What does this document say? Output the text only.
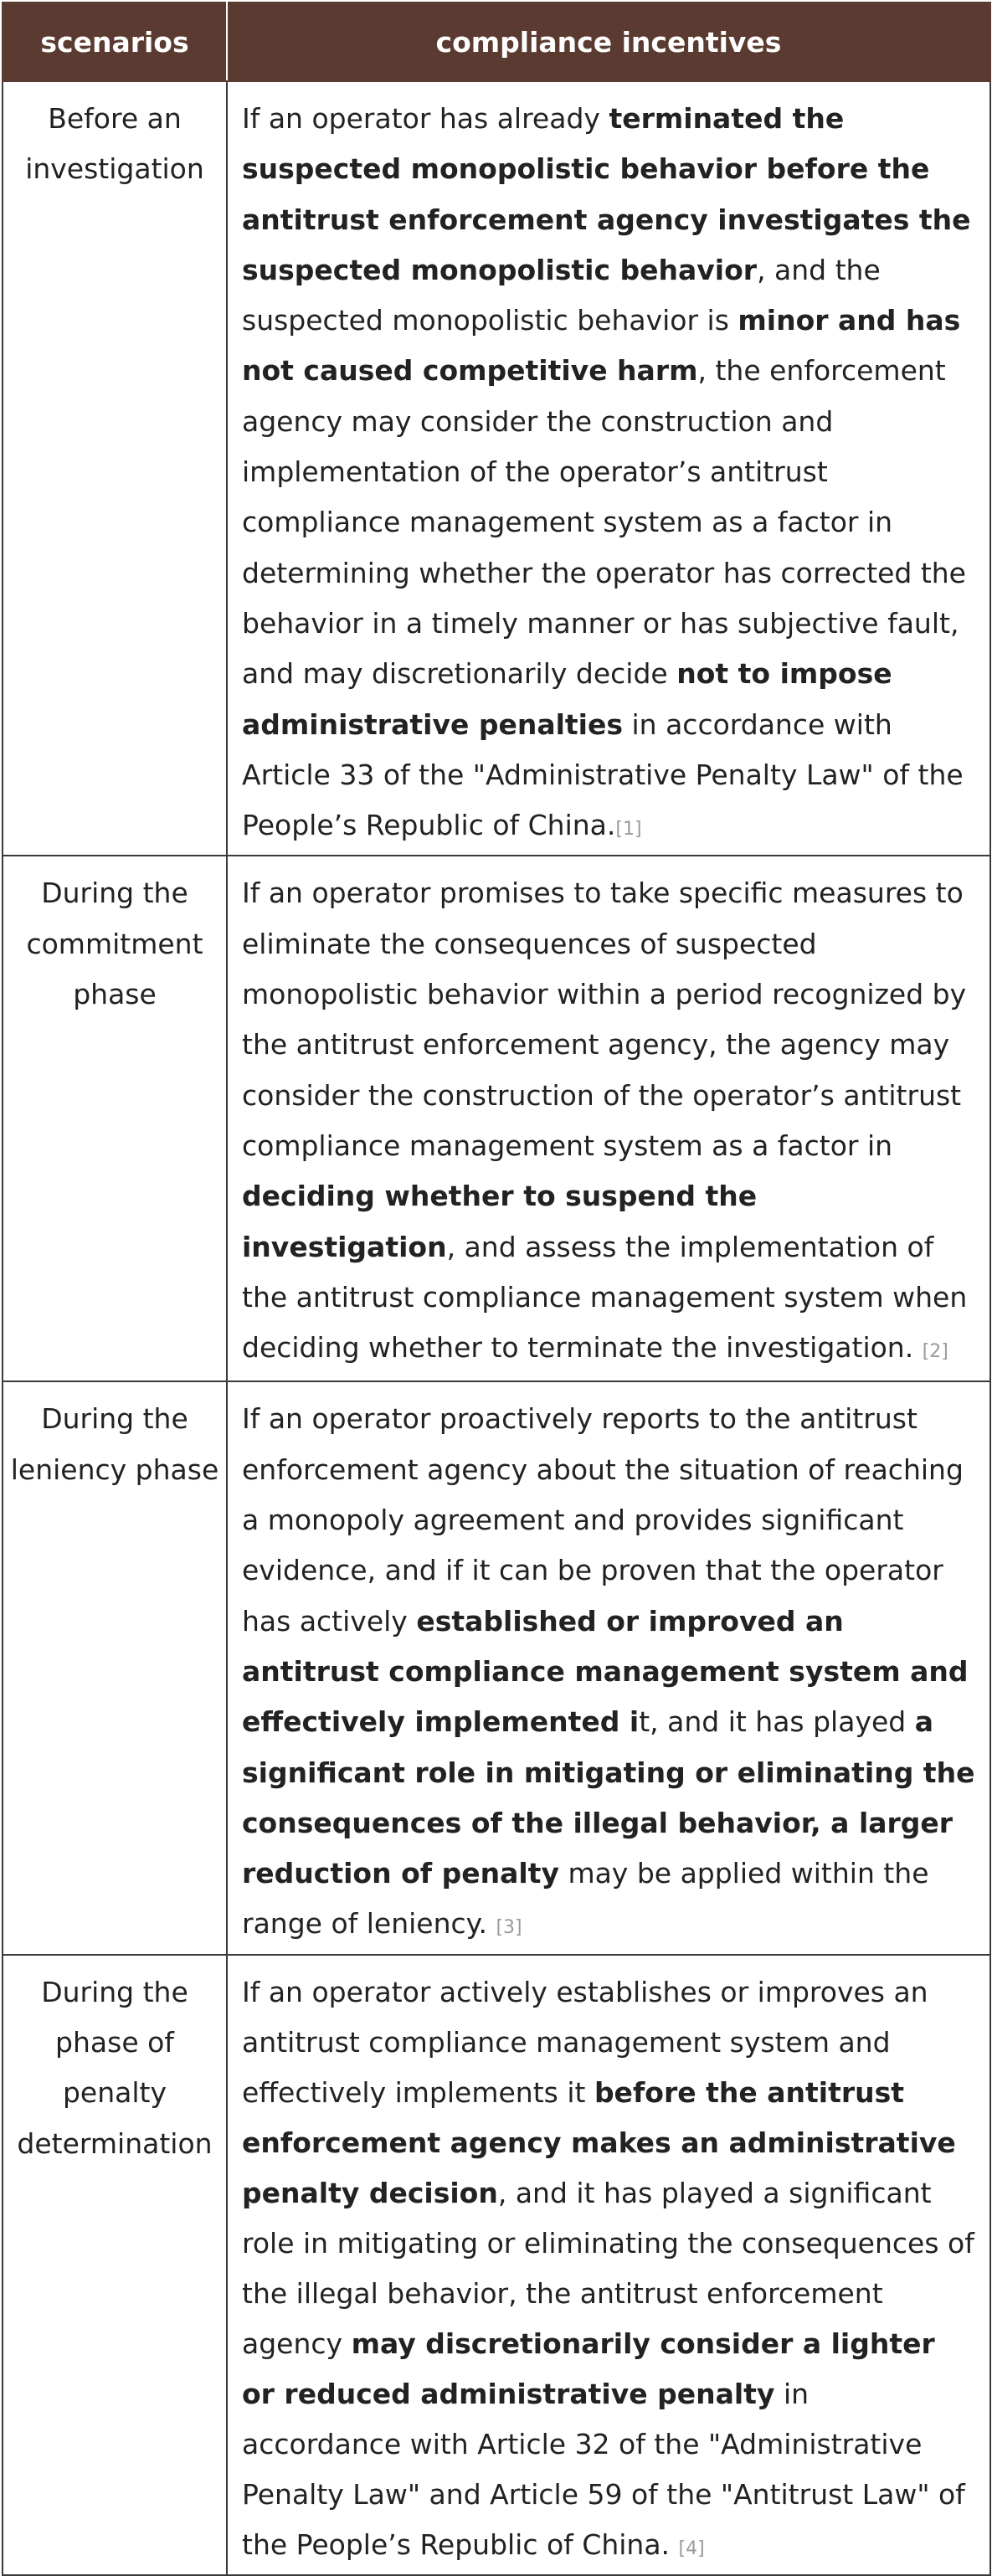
scenarios	compliance incentives
Before an investigation	If an operator has already terminated the suspected monopolistic behavior before the antitrust enforcement agency investigates the suspected monopolistic behavior, and the suspected monopolistic behavior is minor and has not caused competitive harm, the enforcement agency may consider the construction and implementation of the operator’s antitrust compliance management system as a factor in determining whether the operator has corrected the behavior in a timely manner or has subjective fault, and may discretionarily decide not to impose administrative penalties in accordance with Article 33 of the "Administrative Penalty Law" of the People’s Republic of China.[1]

During the commitment phase	If an operator promises to take specific measures to eliminate the consequences of suspected monopolistic behavior within a period recognized by the antitrust enforcement agency, the agency may consider the construction of the operator’s antitrust compliance management system as a factor in deciding whether to suspend the investigation, and assess the implementation of the antitrust compliance management system when deciding whether to terminate the investigation. [2]

During the leniency phase	If an operator proactively reports to the antitrust enforcement agency about the situation of reaching a monopoly agreement and provides significant evidence, and if it can be proven that the operator has actively established or improved an antitrust compliance management system and effectively implemented it, and it has played a significant role in mitigating or eliminating the consequences of the illegal behavior, a larger reduction of penalty may be applied within the range of leniency. [3]

During the phase of penalty determination	If an operator actively establishes or improves an antitrust compliance management system and effectively implements it before the antitrust enforcement agency makes an administrative penalty decision, and it has played a significant role in mitigating or eliminating the consequences of the illegal behavior, the antitrust enforcement agency may discretionarily consider a lighter or reduced administrative penalty in accordance with Article 32 of the "Administrative Penalty Law" and Article 59 of the "Antitrust Law" of the People’s Republic of China. [4]
